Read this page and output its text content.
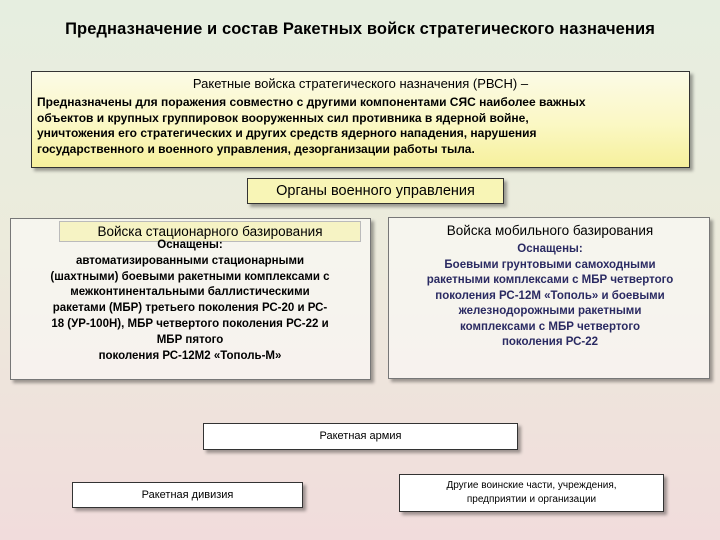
Предназначение и состав Ракетных войск стратегического назначения
Ракетные войска стратегического назначения (РВСН) –
Предназначены для поражения совместно с другими компонентами СЯС наиболее важных
объектов и крупных группировок вооруженных сил противника в ядерной войне,
уничтожения его стратегических и других средств ядерного нападения, нарушения
государственного и военного управления, дезорганизации работы тыла.
Органы военного управления
Войска стационарного базирования
Оснащены:
автоматизированными стационарными
(шахтными) боевыми ракетными комплексами с
межконтинентальными баллистическими
ракетами (МБР) третьего поколения РС-20 и РС-
18 (УР-100Н), МБР четвертого поколения РС-22 и
МБР пятого
поколения РС-12М2 «Тополь-М»
Войска мобильного базирования
Оснащены:
Боевыми грунтовыми самоходными
ракетными комплексами с МБР четвертого
поколения РС-12М «Тополь» и боевыми
железнодорожными ракетными
комплексами с МБР четвертого
поколения РС-22
Ракетная армия
Ракетная дивизия
Другие воинские части, учреждения,
предприятии и организации
